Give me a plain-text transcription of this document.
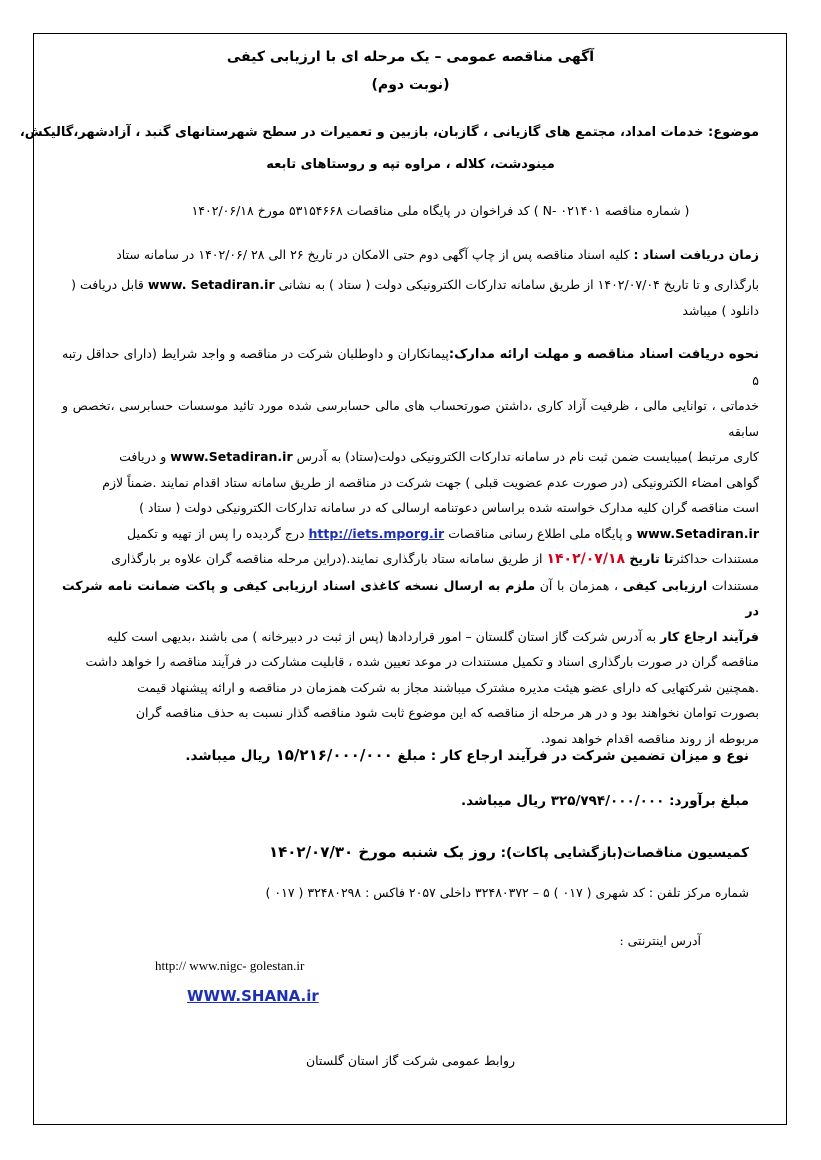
آگهی مناقصه عمومی – یک مرحله ای با ارزیابی کیفی
(نوبت دوم)
موضوع: خدمات امداد، مجتمع های گازیانی ، گازبان، بازبین و تعمیرات در سطح شهرستانهای گنبد ، آزادشهر،گالیکش،
مینودشت، کلاله ، مراوه تپه و روستاهای تابعه
( شماره مناقصه N- ۰۲۱۴۰۱ ) کد فراخوان در پایگاه ملی مناقصات ۵۳۱۵۴۶۶۸ مورخ ۱۴۰۲/۰۶/۱۸
زمان دریافت اسناد : کلیه اسناد مناقصه پس از چاپ آگهی دوم حتی الامکان در تاریخ ۲۶ الی ۲۸ /۱۴۰۲/۰۶ در سامانه ستاد
بارگذاری و تا تاریخ ۱۴۰۲/۰۷/۰۴ از طریق سامانه تدارکات الکترونیکی دولت ( ستاد ) به نشانی www. Setadiran.ir قابل دریافت (
دانلود ) میباشد
نحوه دریافت اسناد مناقصه و مهلت ارائه مدارک:پیمانکاران و داوطلبان شرکت در مناقصه و واجد شرایط (دارای حداقل رتبه ۵
خدماتی ، توانایی مالی ، ظرفیت آزاد کاری ،داشتن صورتحساب های مالی حسابرسی شده مورد تائید موسسات حسابرسی ،تخصص و سابقه
کاری مرتبط )میبایست ضمن ثبت نام در سامانه تدارکات الکترونیکی دولت(ستاد) به آدرس www.Setadiran.ir و دریافت
گواهی امضاء الکترونیکی (در صورت عدم عضویت قبلی ) جهت شرکت در مناقصه از طریق سامانه ستاد اقدام نمایند .ضمناً لازم
است مناقصه گران کلیه مدارک خواسته شده براساس دعوتنامه ارسالی که در سامانه تدارکات الکترونیکی دولت ( ستاد )
www.Setadiran.ir و پایگاه ملی اطلاع رسانی مناقصات http://iets.mporg.ir درج گردیده را پس از تهیه و تکمیل
مستندات حداکثرتا تاریخ ۱۴۰۲/۰۷/۱۸ از طریق سامانه ستاد بارگذاری نمایند.(دراین مرحله مناقصه گران علاوه بر بارگذاری
مستندات ارزیابی کیفی ، همزمان با آن ملزم به ارسال نسخه کاغذی اسناد ارزیابی کیفی و پاکت ضمانت نامه شرکت در
فرآیند ارجاع کار به آدرس شرکت گاز استان گلستان – امور قراردادها (پس از ثبت در دبیرخانه ) می باشند ،بدیهی است کلیه
مناقصه گران در صورت بارگذاری اسناد و تکمیل مستندات در موعد تعیین شده ، قابلیت مشارکت در فرآیند مناقصه را خواهد داشت
.همچنین شرکتهایی که دارای عضو هیئت مدیره مشترک میباشند مجاز به شرکت همزمان در مناقصه و ارائه پیشنهاد قیمت
بصورت توامان نخواهند بود و در هر مرحله از مناقصه که این موضوع ثابت شود مناقصه گذار نسبت به حذف مناقصه گران
مربوطه از روند مناقصه اقدام خواهد نمود.
نوع و میزان تضمین شرکت در فرآیند ارجاع کار : مبلغ ۱۵/۲۱۶/۰۰۰/۰۰۰ ریال میباشد.
مبلغ برآورد: ۳۲۵/۷۹۴/۰۰۰/۰۰۰ ریال میباشد.
کمیسیون مناقصات(بازگشایی پاکات): روز یک شنبه مورخ ۱۴۰۲/۰۷/۳۰
شماره مرکز تلفن : کد شهری ( ۰۱۷ ) ۵ – ۳۲۴۸۰۳۷۲ داخلی ۲۰۵۷ فاکس : ۳۲۴۸۰۲۹۸ ( ۰۱۷ )
آدرس اینترنتی :
http:// www.nigc- golestan.ir
WWW.SHANA.ir
روابط عمومی شرکت گاز استان گلستان
